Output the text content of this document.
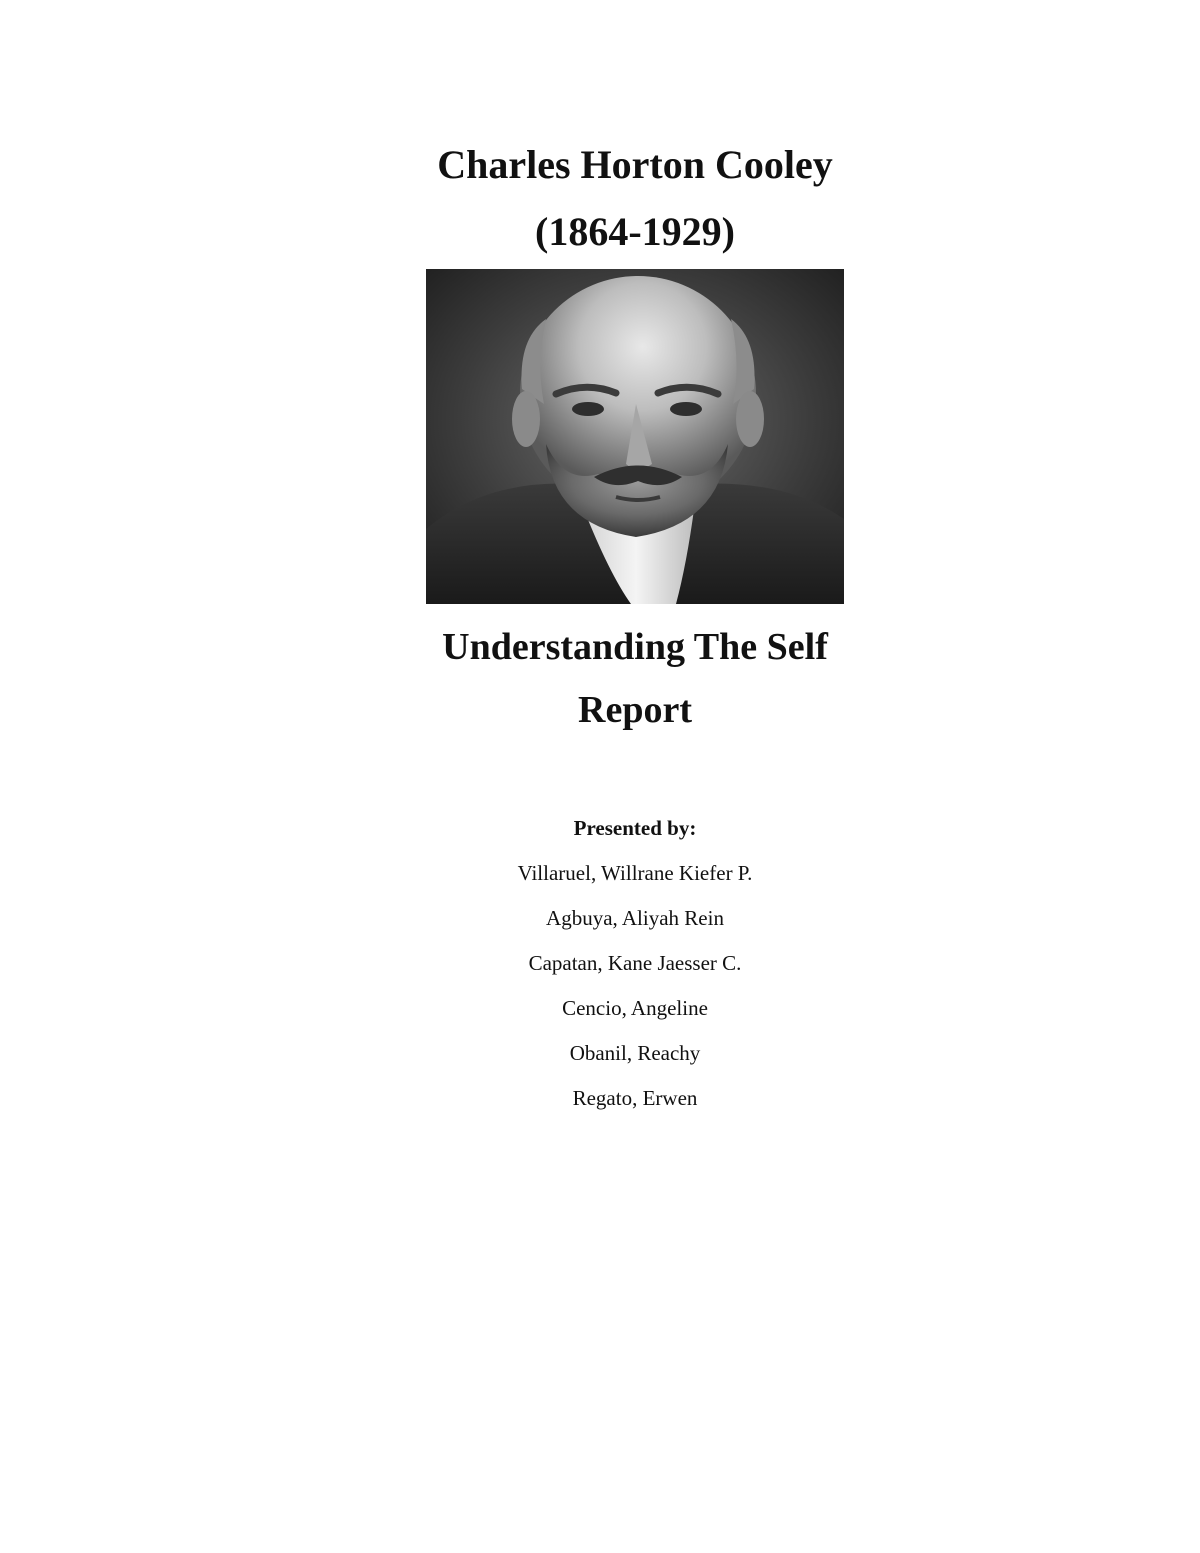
Charles Horton Cooley
(1864-1929)
Understanding The Self
Report
Presented by:
Villaruel, Willrane Kiefer P.
Agbuya, Aliyah Rein
Capatan, Kane Jaesser C.
Cencio, Angeline
Obanil, Reachy
Regato, Erwen
